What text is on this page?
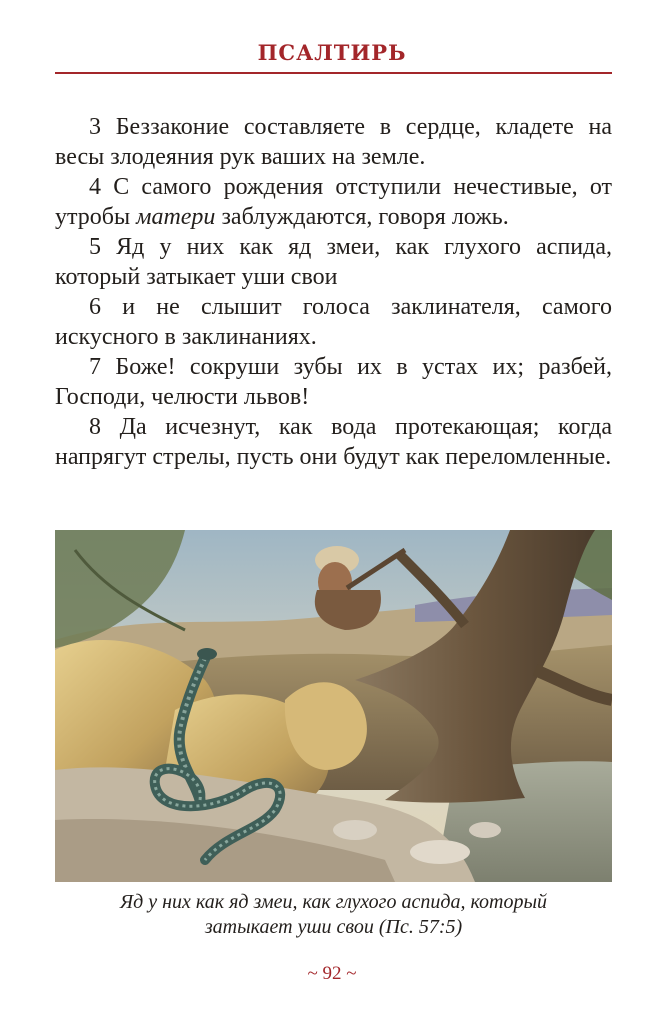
ПСАЛТИРЬ

3 Беззаконие составляете в сердце, кладете на весы злодеяния рук ваших на земле.

4 С самого рождения отступили нечестивые, от утробы матери заблуждаются, говоря ложь.

5 Яд у них как яд змеи, как глухого аспида, который затыкает уши свои

6 и не слышит голоса заклинателя, самого искусного в заклинаниях.

7 Боже! сокруши зубы их в устах их; разбей, Господи, челюсти львов!

8 Да исчезнут, как вода протекающая; когда напрягут стрелы, пусть они будут как переломленные.

Яд у них как яд змеи, как глухого аспида, который
затыкает уши свои (Пс. 57:5)
~ 92 ~
